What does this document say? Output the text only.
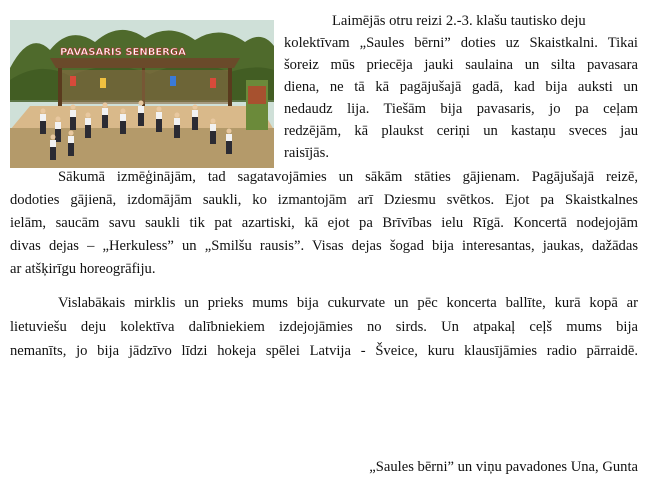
PAVASARIS SENBERGA
Laimējās otru reizi 2.-3. klašu tautisko deju
kolektīvam „Saules bērni” doties uz Skaistkalni. Tikai
šoreiz mūs priecēja jauki saulaina un silta pavasara
diena, ne tā kā pagājušajā gadā, kad bija auksti un
nedaudz lija. Tiešām bija pavasaris, jo pa ceļam
redzējām, kā plaukst ceriņi un kastaņu sveces jau
raisījās.
Sākumā izmēģinājām, tad sagatavojāmies un sākām stāties gājienam. Pagājušajā reizē,
dodoties gājienā, izdomājām saukli, ko izmantojām arī Dziesmu svētkos. Ejot pa Skaistkalnes
ielām, saucām savu saukli tik pat azartiski, kā ejot pa Brīvības ielu Rīgā. Koncertā nodejojām
divas dejas – „Herkuless” un „Smilšu rausis”. Visas dejas šogad bija interesantas, jaukas, dažādas
ar atšķirīgu horeogrāfiju.
Vislabākais mirklis un prieks mums bija cukurvate un pēc koncerta ballīte, kurā kopā ar
lietuviešu deju kolektīva dalībniekiem izdejojāmies no sirds. Un atpakaļ ceļš mums bija
nemanīts, jo bija jādzīvo līdzi hokeja spēlei Latvija - Šveice, kuru klausījāmies radio pārraidē.
„Saules bērni” un viņu pavadones Una, Gunta
